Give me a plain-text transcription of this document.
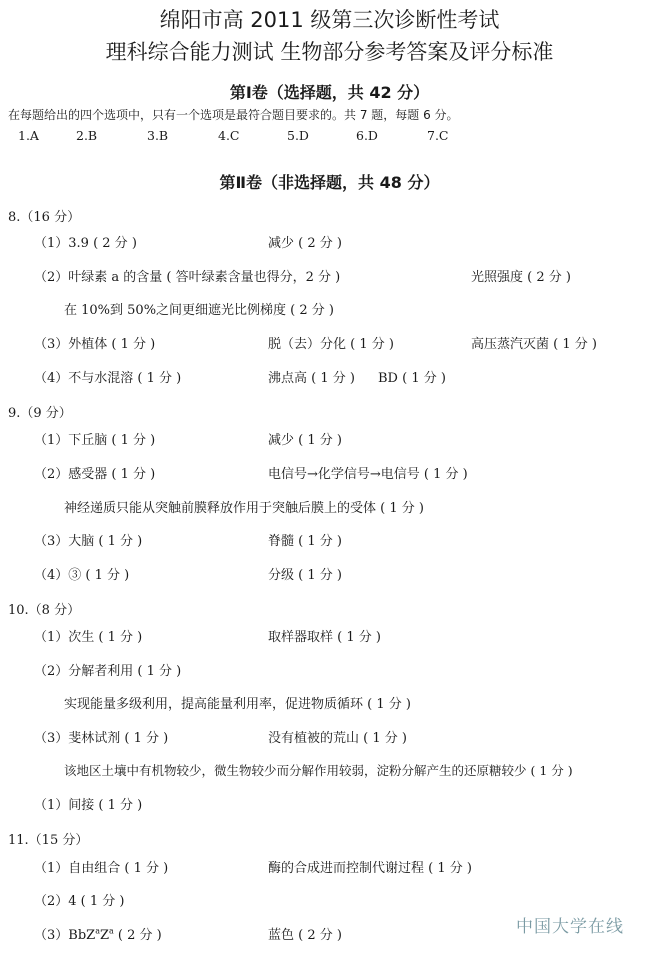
绵阳市高 2011 级第三次诊断性考试
理科综合能力测试 生物部分参考答案及评分标准
第Ⅰ卷（选择题，共 42 分）
在每题给出的四个选项中，只有一个选项是最符合题目要求的。共 7 题，每题 6 分。
1.A	2.B	3.B	4.C	5.D	6.D	7.C
第Ⅱ卷（非选择题，共 48 分）
8.（16 分）
（1）3.9 ( 2 分 )	减少 ( 2 分 )
（2）叶绿素 a 的含量 ( 答叶绿素含量也得分，2 分 )	光照强度 ( 2 分 )
在 10%到 50%之间更细遮光比例梯度 ( 2 分 )
（3）外植体 ( 1 分 )	脱（去）分化 ( 1 分 )	高压蒸汽灭菌 ( 1 分 )
（4）不与水混溶 ( 1 分 )	沸点高 ( 1 分 ) BD ( 1 分 )
9.（9 分）
（1）下丘脑 ( 1 分 )	减少 ( 1 分 )
（2）感受器 ( 1 分 )	电信号→化学信号→电信号 ( 1 分 )
神经递质只能从突触前膜释放作用于突触后膜上的受体 ( 1 分 )
（3）大脑 ( 1 分 )	脊髓 ( 1 分 )
（4）③ ( 1 分 )	分级 ( 1 分 )
10.（8 分）
（1）次生 ( 1 分 )	取样器取样 ( 1 分 )
（2）分解者利用 ( 1 分 )
实现能量多级利用，提高能量利用率，促进物质循环 ( 1 分 )
（3）斐林试剂 ( 1 分 )	没有植被的荒山 ( 1 分 )
该地区土壤中有机物较少，微生物较少而分解作用较弱，淀粉分解产生的还原糖较少 ( 1 分 )
（1）间接 ( 1 分 )
11.（15 分）
（1）自由组合 ( 1 分 )	酶的合成进而控制代谢过程 ( 1 分 )
（2）4 ( 1 分 )
$(3)BbZ^aZ^a$ ( 2 分 )	蓝色 ( 2 分 )	中国大学在线
